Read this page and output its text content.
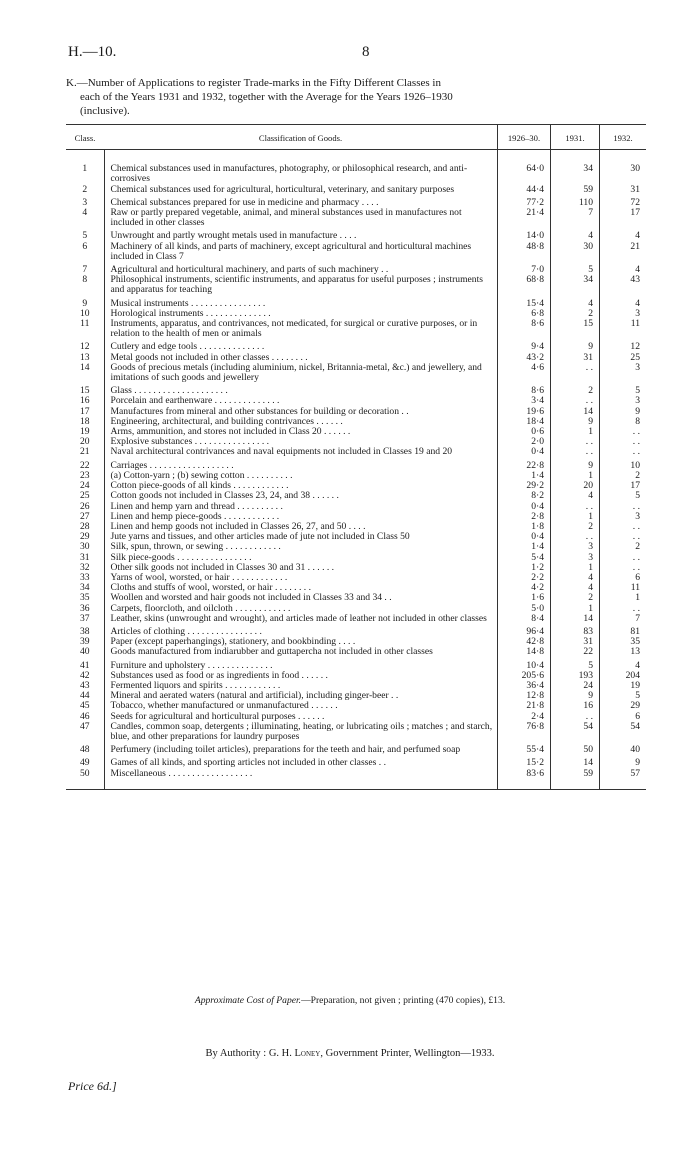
H.—10.	8
K.—Number of Applications to register Trade-marks in the Fifty Different Classes in
each of the Years 1931 and 1932, together with the Average for the Years 1926–1930
(inclusive).
Class.	Classification of Goods.	1926–30.	1931.	1932.
1	Chemical substances used in manufactures, photography, or philosophical research, and anti-corrosives	64·0	34	30
2	Chemical substances used for agricultural, horticultural, veterinary, and sanitary purposes	44·4	59	31
3	Chemical substances prepared for use in medicine and pharmacy . . . .	77·2	110	72
4	Raw or partly prepared vegetable, animal, and mineral substances used in manufactures not included in other classes	21·4	7	17
5	Unwrought and partly wrought metals used in manufacture . . . .	14·0	4	4
6	Machinery of all kinds, and parts of machinery, except agricultural and horticultural machines included in Class 7	48·8	30	21
7	Agricultural and horticultural machinery, and parts of such machinery . .	7·0	5	4
8	Philosophical instruments, scientific instruments, and apparatus for useful purposes ; instruments and apparatus for teaching	68·8	34	43
9	Musical instruments . . . . . . . . . . . . . . . .	15·4	4	4
10	Horological instruments . . . . . . . . . . . . . .	6·8	2	3
11	Instruments, apparatus, and contrivances, not medicated, for surgical or curative purposes, or in relation to the health of men or animals	8·6	15	11
12	Cutlery and edge tools . . . . . . . . . . . . . .	9·4	9	12
13	Metal goods not included in other classes . . . . . . . .	43·2	31	25
14	Goods of precious metals (including aluminium, nickel, Britannia-metal, &c.) and jewellery, and imitations of such goods and jewellery	4·6	. .	3
15	Glass . . . . . . . . . . . . . . . . . . . .	8·6	2	5
16	Porcelain and earthenware . . . . . . . . . . . . . .	3·4	. .	3
17	Manufactures from mineral and other substances for building or decoration . .	19·6	14	9
18	Engineering, architectural, and building contrivances . . . . . .	18·4	9	8
19	Arms, ammunition, and stores not included in Class 20 . . . . . .	0·6	1	. .
20	Explosive substances . . . . . . . . . . . . . . . .	2·0	. .	. .
21	Naval architectural contrivances and naval equipments not included in Classes 19 and 20	0·4	. .	. .
22	Carriages . . . . . . . . . . . . . . . . . .	22·8	9	10
23	(a) Cotton-yarn ; (b) sewing cotton . . . . . . . . . .	1·4	1	2
24	Cotton piece-goods of all kinds . . . . . . . . . . . .	29·2	20	17
25	Cotton goods not included in Classes 23, 24, and 38 . . . . . .	8·2	4	5
26	Linen and hemp yarn and thread . . . . . . . . . .	0·4	. .	. .
27	Linen and hemp piece-goods . . . . . . . . . . . .	2·8	1	3
28	Linen and hemp goods not included in Classes 26, 27, and 50 . . . .	1·8	2	. .
29	Jute yarns and tissues, and other articles made of jute not included in Class 50	0·4	. .	. .
30	Silk, spun, thrown, or sewing . . . . . . . . . . . .	1·4	3	2
31	Silk piece-goods . . . . . . . . . . . . . . . .	5·4	3	. .
32	Other silk goods not included in Classes 30 and 31 . . . . . .	1·2	1	. .
33	Yarns of wool, worsted, or hair . . . . . . . . . . . .	2·2	4	6
34	Cloths and stuffs of wool, worsted, or hair . . . . . . . .	4·2	4	11
35	Woollen and worsted and hair goods not included in Classes 33 and 34 . .	1·6	2	1
36	Carpets, floorcloth, and oilcloth . . . . . . . . . . . .	5·0	1	. .
37	Leather, skins (unwrought and wrought), and articles made of leather not included in other classes	8·4	14	7
38	Articles of clothing . . . . . . . . . . . . . . . .	96·4	83	81
39	Paper (except paperhangings), stationery, and bookbinding . . . .	42·8	31	35
40	Goods manufactured from indiarubber and guttapercha not included in other classes	14·8	22	13
41	Furniture and upholstery . . . . . . . . . . . . . .	10·4	5	4
42	Substances used as food or as ingredients in food . . . . . .	205·6	193	204
43	Fermented liquors and spirits . . . . . . . . . . . .	36·4	24	19
44	Mineral and aerated waters (natural and artificial), including ginger-beer . .	12·8	9	5
45	Tobacco, whether manufactured or unmanufactured . . . . . .	21·8	16	29
46	Seeds for agricultural and horticultural purposes . . . . . .	2·4	. .	6
47	Candles, common soap, detergents ; illuminating, heating, or lubricating oils ; matches ; and starch, blue, and other preparations for laundry purposes	76·8	54	54
48	Perfumery (including toilet articles), preparations for the teeth and hair, and perfumed soap	55·4	50	40
49	Games of all kinds, and sporting articles not included in other classes . .	15·2	14	9
50	Miscellaneous . . . . . . . . . . . . . . . . . .	83·6	59	57
Approximate Cost of Paper.—Preparation, not given ; printing (470 copies), £13.
By Authority : G. H. Loney, Government Printer, Wellington—1933.
Price 6d.]
